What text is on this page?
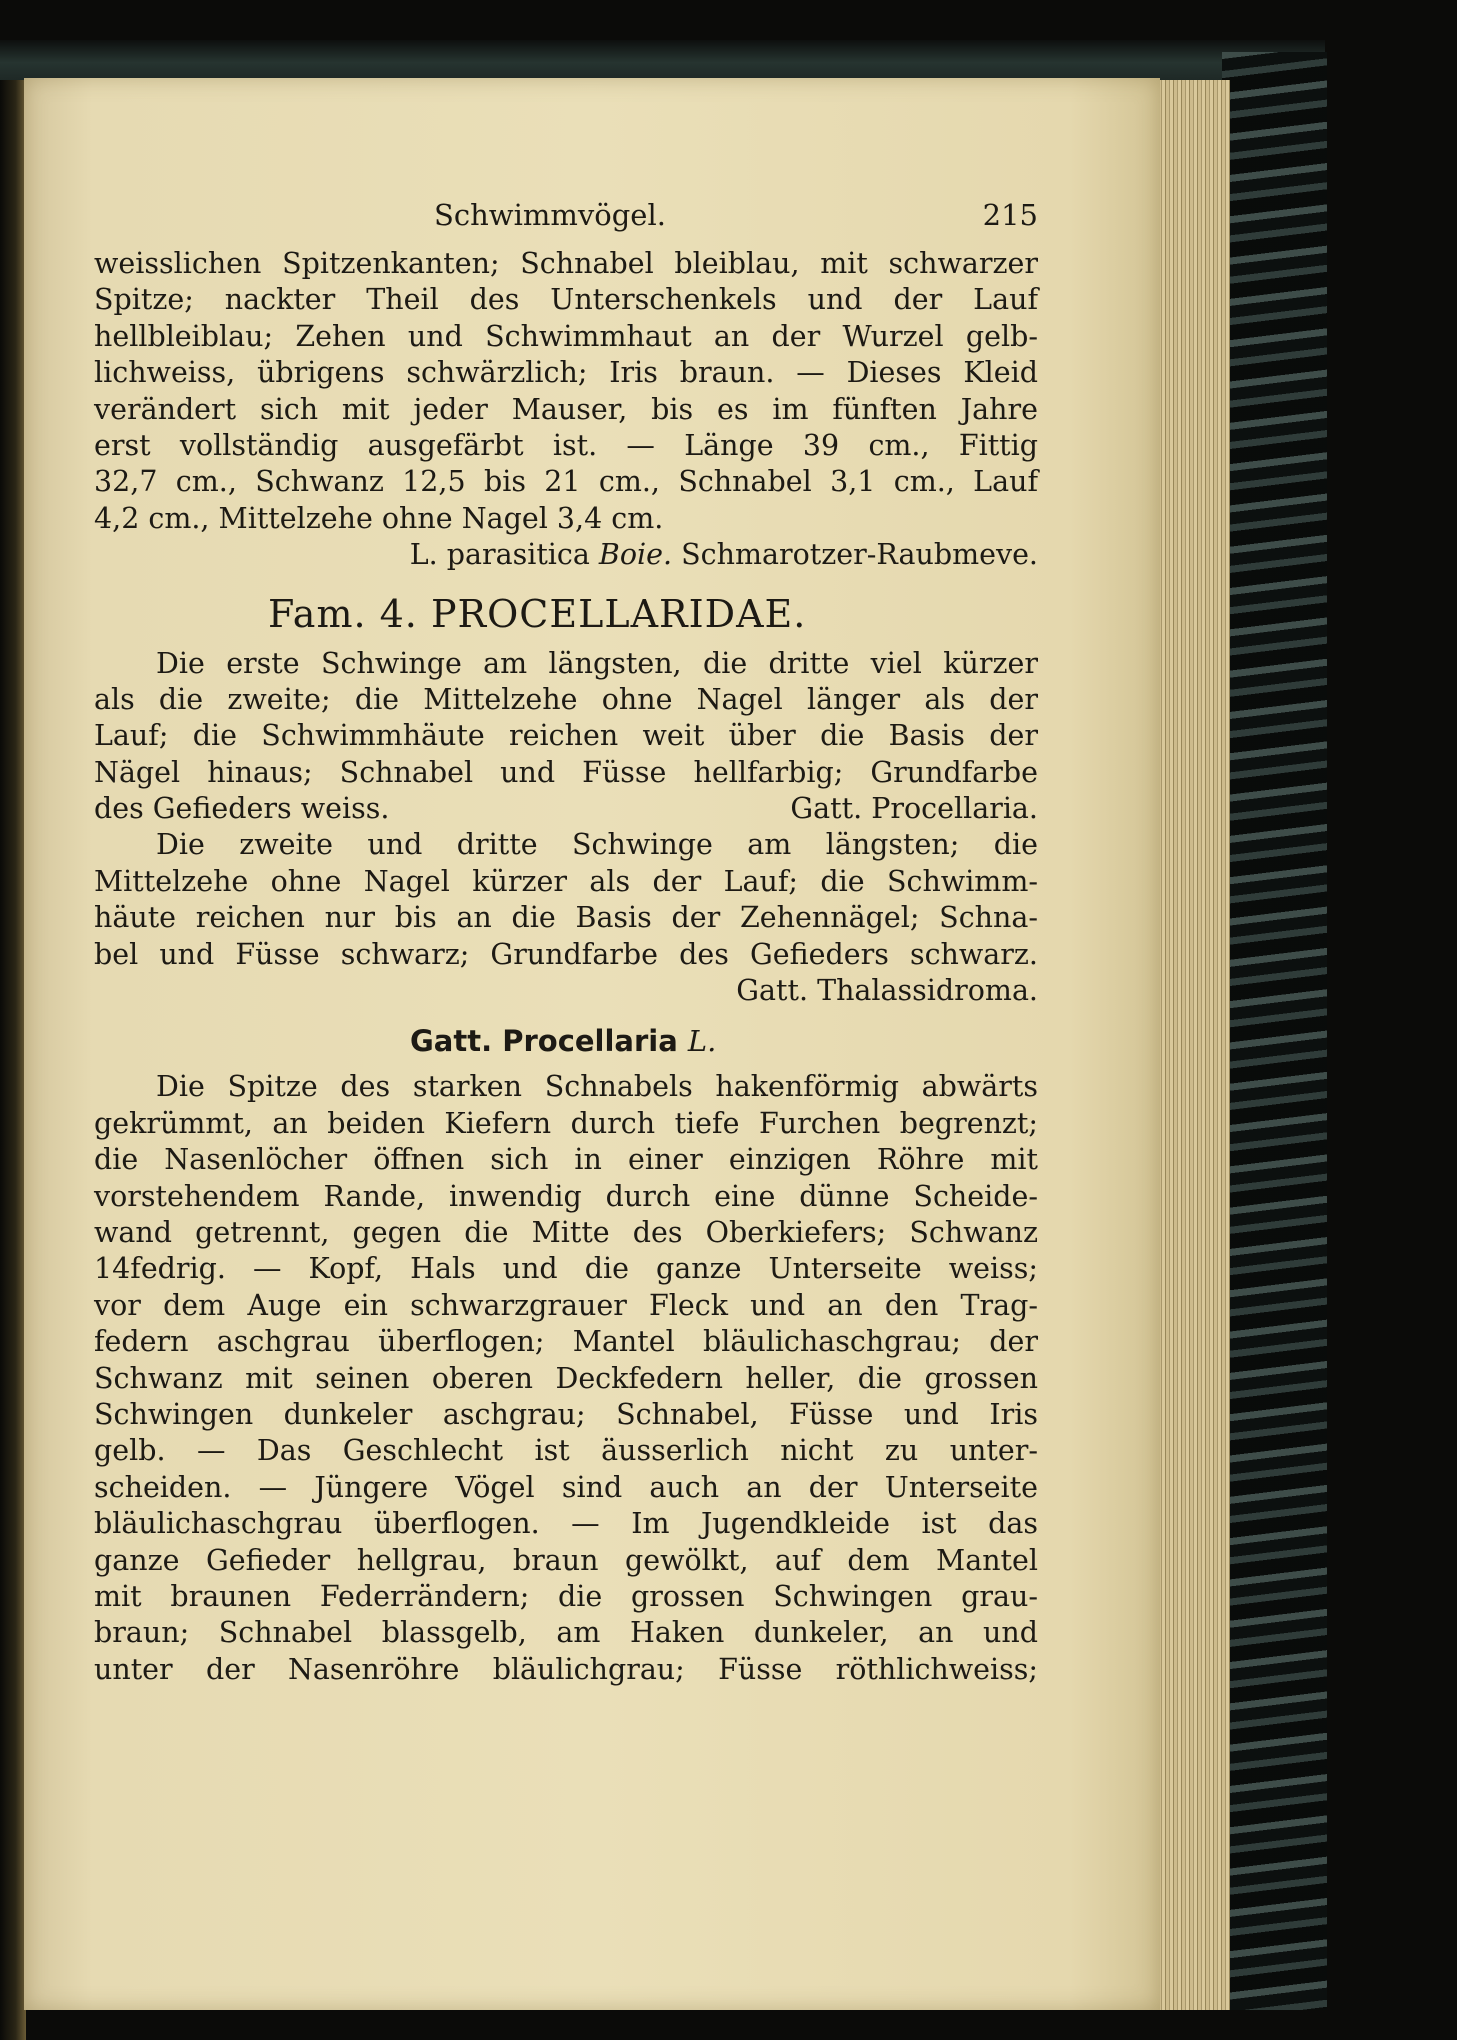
Schwimmvögel.	215
weisslichen Spitzenkanten; Schnabel bleiblau, mit schwarzer
Spitze; nackter Theil des Unterschenkels und der Lauf
hellbleiblau; Zehen und Schwimmhaut an der Wurzel gelb-
lichweiss, übrigens schwärzlich; Iris braun. — Dieses Kleid
verändert sich mit jeder Mauser, bis es im fünften Jahre
erst vollständig ausgefärbt ist. — Länge 39 cm., Fittig
32,7 cm., Schwanz 12,5 bis 21 cm., Schnabel 3,1 cm., Lauf
4,2 cm., Mittelzehe ohne Nagel 3,4 cm.
L. parasitica Boie. Schmarotzer-Raubmeve.
Fam. 4. PROCELLARIDAE.
Die erste Schwinge am längsten, die dritte viel kürzer
als die zweite; die Mittelzehe ohne Nagel länger als der
Lauf; die Schwimmhäute reichen weit über die Basis der
Nägel hinaus; Schnabel und Füsse hellfarbig; Grundfarbe
des Gefieders weiss.	Gatt. Procellaria.
Die zweite und dritte Schwinge am längsten; die
Mittelzehe ohne Nagel kürzer als der Lauf; die Schwimm-
häute reichen nur bis an die Basis der Zehennägel; Schna-
bel und Füsse schwarz; Grundfarbe des Gefieders schwarz.
Gatt. Thalassidroma.
Gatt. Procellaria L.
Die Spitze des starken Schnabels hakenförmig abwärts
gekrümmt, an beiden Kiefern durch tiefe Furchen begrenzt;
die Nasenlöcher öffnen sich in einer einzigen Röhre mit
vorstehendem Rande, inwendig durch eine dünne Scheide-
wand getrennt, gegen die Mitte des Oberkiefers; Schwanz
14fedrig. — Kopf, Hals und die ganze Unterseite weiss;
vor dem Auge ein schwarzgrauer Fleck und an den Trag-
federn aschgrau überflogen; Mantel bläulichaschgrau; der
Schwanz mit seinen oberen Deckfedern heller, die grossen
Schwingen dunkeler aschgrau; Schnabel, Füsse und Iris
gelb. — Das Geschlecht ist äusserlich nicht zu unter-
scheiden. — Jüngere Vögel sind auch an der Unterseite
bläulichaschgrau überflogen. — Im Jugendkleide ist das
ganze Gefieder hellgrau, braun gewölkt, auf dem Mantel
mit braunen Federrändern; die grossen Schwingen grau-
braun; Schnabel blassgelb, am Haken dunkeler, an und
unter der Nasenröhre bläulichgrau; Füsse röthlichweiss;
